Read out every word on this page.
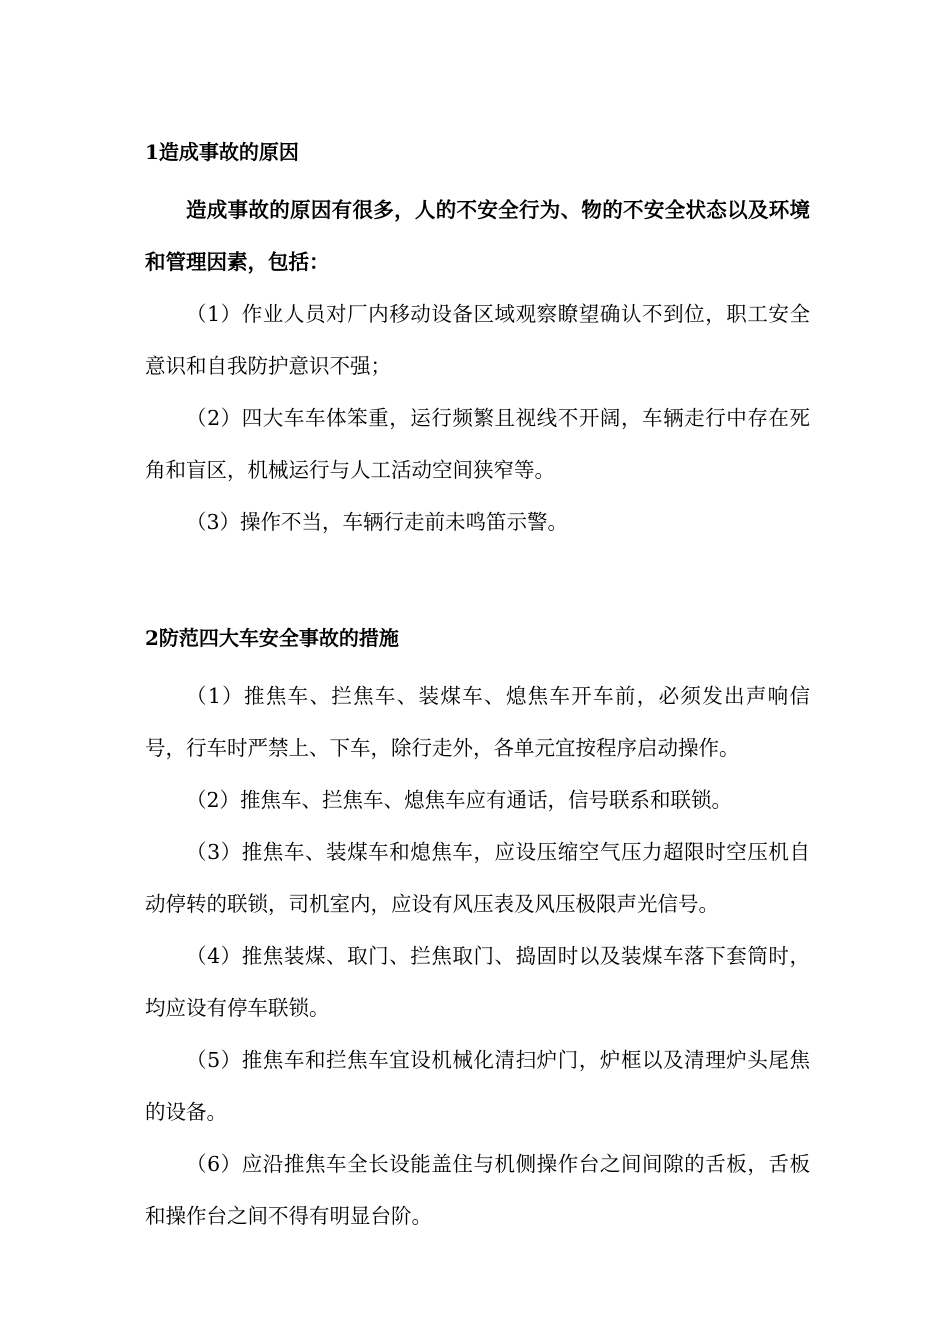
1造成事故的原因

造成事故的原因有很多，人的不安全行为、物的不安全状态以及环境和管理因素，包括：

（1）作业人员对厂内移动设备区域观察瞭望确认不到位，职工安全意识和自我防护意识不强；

（2）四大车车体笨重，运行频繁且视线不开阔，车辆走行中存在死角和盲区，机械运行与人工活动空间狭窄等。

（3）操作不当，车辆行走前未鸣笛示警。

2防范四大车安全事故的措施

（1）推焦车、拦焦车、装煤车、熄焦车开车前，必须发出声响信号，行车时严禁上、下车，除行走外，各单元宜按程序启动操作。

（2）推焦车、拦焦车、熄焦车应有通话，信号联系和联锁。

（3）推焦车、装煤车和熄焦车，应设压缩空气压力超限时空压机自动停转的联锁，司机室内，应设有风压表及风压极限声光信号。

（4）推焦装煤、取门、拦焦取门、捣固时以及装煤车落下套筒时，均应设有停车联锁。

（5）推焦车和拦焦车宜设机械化清扫炉门，炉框以及清理炉头尾焦的设备。

（6）应沿推焦车全长设能盖住与机侧操作台之间间隙的舌板，舌板和操作台之间不得有明显台阶。
